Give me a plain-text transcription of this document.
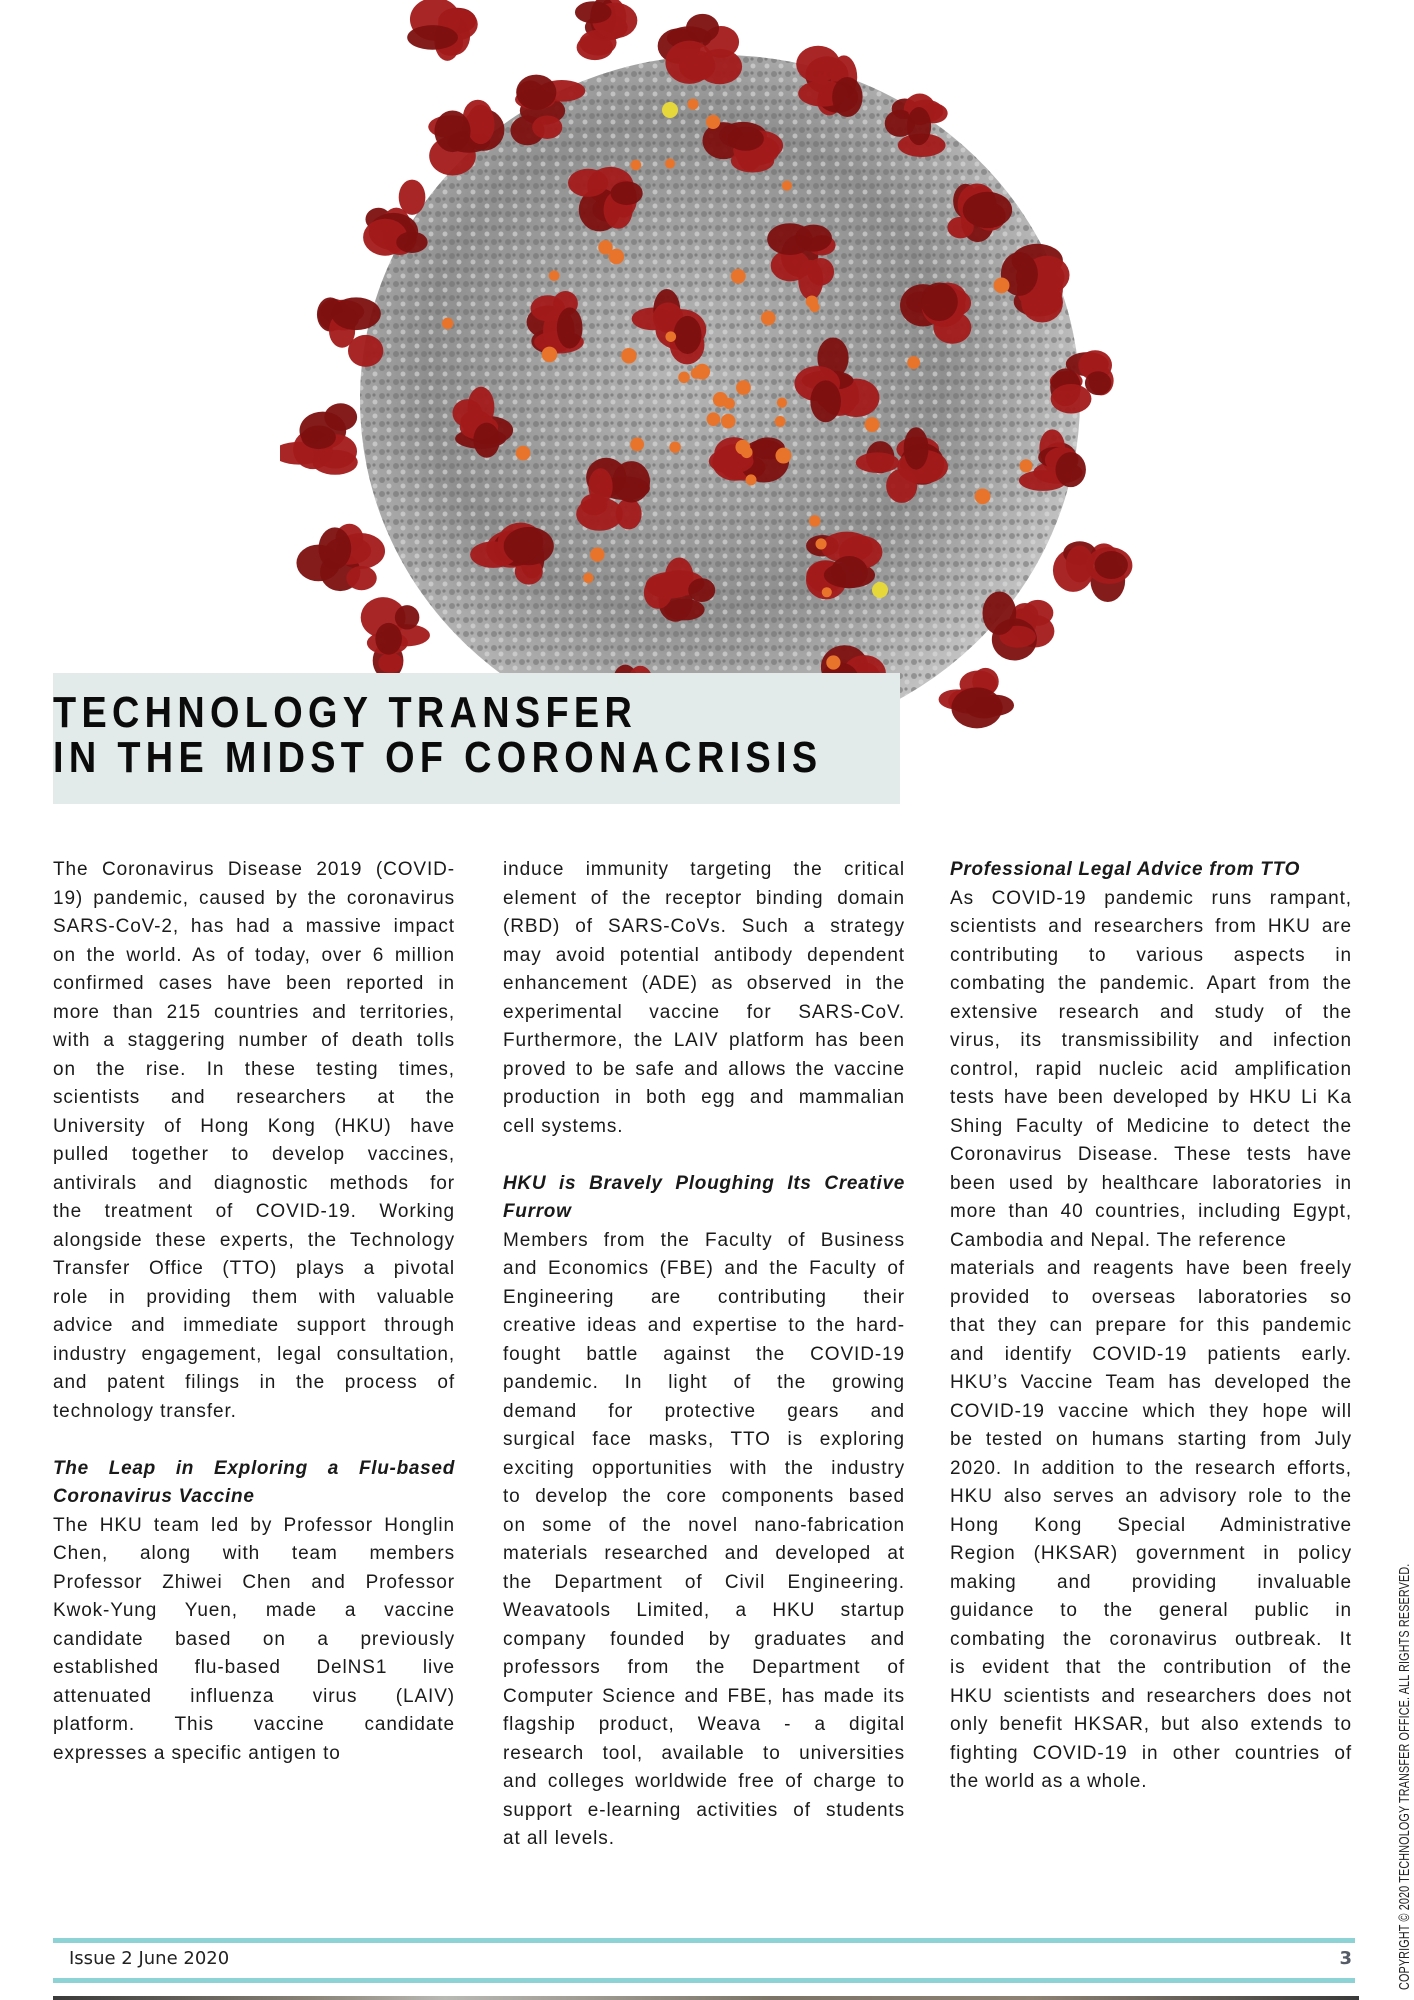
TECHNOLOGY TRANSFER
IN THE MIDST OF CORONACRISIS
The Coronavirus Disease 2019 (COVID-
19) pandemic, caused by the coronavirus
SARS-CoV-2, has had a massive impact
on the world. As of today, over 6 million
confirmed cases have been reported in
more than 215 countries and territories,
with a staggering number of death tolls
on the rise. In these testing times,
scientists and researchers at the
University of Hong Kong (HKU) have
pulled together to develop vaccines,
antivirals and diagnostic methods for
the treatment of COVID-19. Working
alongside these experts, the Technology
Transfer Office (TTO) plays a pivotal
role in providing them with valuable
advice and immediate support through
industry engagement, legal consultation,
and patent filings in the process of
technology transfer.
The Leap in Exploring a Flu-based
Coronavirus Vaccine
The HKU team led by Professor Honglin
Chen, along with team members
Professor Zhiwei Chen and Professor
Kwok-Yung Yuen, made a vaccine
candidate based on a previously
established flu-based DelNS1 live
attenuated influenza virus (LAIV)
platform. This vaccine candidate
expresses a specific antigen to
induce immunity targeting the critical
element of the receptor binding domain
(RBD) of SARS-CoVs. Such a strategy
may avoid potential antibody dependent
enhancement (ADE) as observed in the
experimental vaccine for SARS-CoV.
Furthermore, the LAIV platform has been
proved to be safe and allows the vaccine
production in both egg and mammalian
cell systems.
HKU is Bravely Ploughing Its Creative
Furrow
Members from the Faculty of Business
and Economics (FBE) and the Faculty of
Engineering are contributing their
creative ideas and expertise to the hard-
fought battle against the COVID-19
pandemic. In light of the growing
demand for protective gears and
surgical face masks, TTO is exploring
exciting opportunities with the industry
to develop the core components based
on some of the novel nano-fabrication
materials researched and developed at
the Department of Civil Engineering.
Weavatools Limited, a HKU startup
company founded by graduates and
professors from the Department of
Computer Science and FBE, has made its
flagship product, Weava - a digital
research tool, available to universities
and colleges worldwide free of charge to
support e-learning activities of students
at all levels.
Professional Legal Advice from TTO
As COVID-19 pandemic runs rampant,
scientists and researchers from HKU are
contributing to various aspects in
combating the pandemic. Apart from the
extensive research and study of the
virus, its transmissibility and infection
control, rapid nucleic acid amplification
tests have been developed by HKU Li Ka
Shing Faculty of Medicine to detect the
Coronavirus Disease. These tests have
been used by healthcare laboratories in
more than 40 countries, including Egypt,
Cambodia and Nepal. The reference
materials and reagents have been freely
provided to overseas laboratories so
that they can prepare for this pandemic
and identify COVID-19 patients early.
HKU’s Vaccine Team has developed the
COVID-19 vaccine which they hope will
be tested on humans starting from July
2020. In addition to the research efforts,
HKU also serves an advisory role to the
Hong Kong Special Administrative
Region (HKSAR) government in policy
making and providing invaluable
guidance to the general public in
combating the coronavirus outbreak. It
is evident that the contribution of the
HKU scientists and researchers does not
only benefit HKSAR, but also extends to
fighting COVID-19 in other countries of
the world as a whole.
Issue 2 June 2020	3	COPYRIGHT © 2020 TECHNOLOGY TRANSFER OFFICE. ALL RIGHTS RESERVED.
